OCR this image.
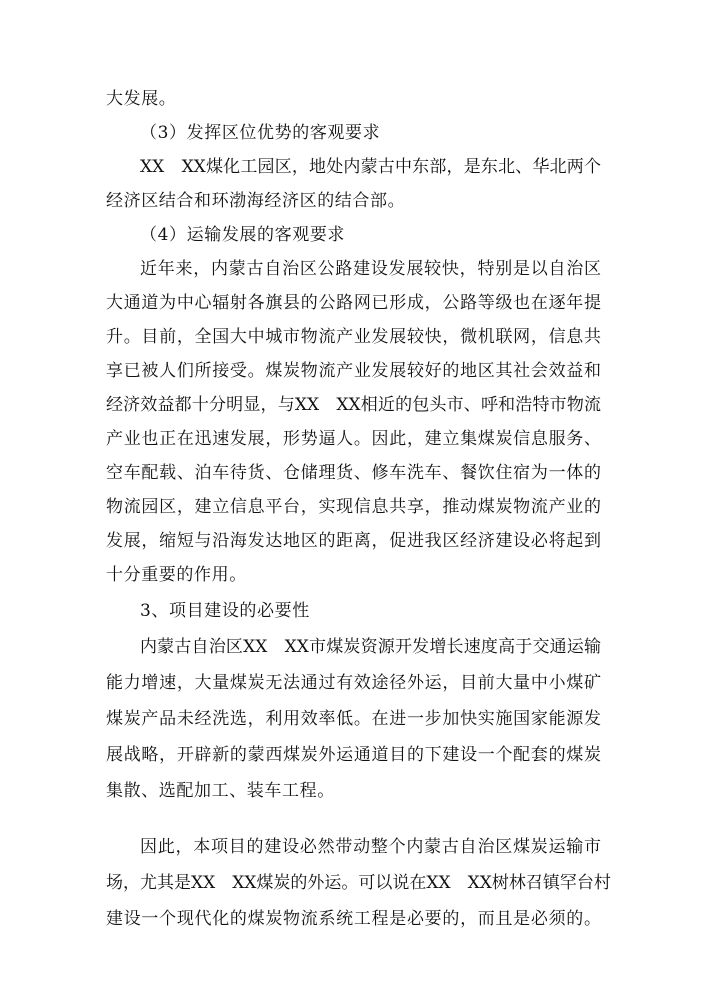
大发展。
（3）发挥区位优势的客观要求
XX　XX煤化工园区，地处内蒙古中东部，是东北、华北两个
经济区结合和环渤海经济区的结合部。
（4）运输发展的客观要求
近年来，内蒙古自治区公路建设发展较快，特别是以自治区
大通道为中心辐射各旗县的公路网已形成，公路等级也在逐年提
升。目前，全国大中城市物流产业发展较快，微机联网，信息共
享已被人们所接受。煤炭物流产业发展较好的地区其社会效益和
经济效益都十分明显，与XX　XX相近的包头市、呼和浩特市物流
产业也正在迅速发展，形势逼人。因此，建立集煤炭信息服务、
空车配载、泊车待货、仓储理货、修车洗车、餐饮住宿为一体的
物流园区，建立信息平台，实现信息共享，推动煤炭物流产业的
发展，缩短与沿海发达地区的距离，促进我区经济建设必将起到
十分重要的作用。
3、项目建设的必要性
内蒙古自治区XX　XX市煤炭资源开发增长速度高于交通运输
能力增速，大量煤炭无法通过有效途径外运，目前大量中小煤矿
煤炭产品未经洗选，利用效率低。在进一步加快实施国家能源发
展战略，开辟新的蒙西煤炭外运通道目的下建设一个配套的煤炭
集散、选配加工、装车工程。
因此，本项目的建设必然带动整个内蒙古自治区煤炭运输市
场，尤其是XX　XX煤炭的外运。可以说在XX　XX树林召镇罕台村
建设一个现代化的煤炭物流系统工程是必要的，而且是必须的。
